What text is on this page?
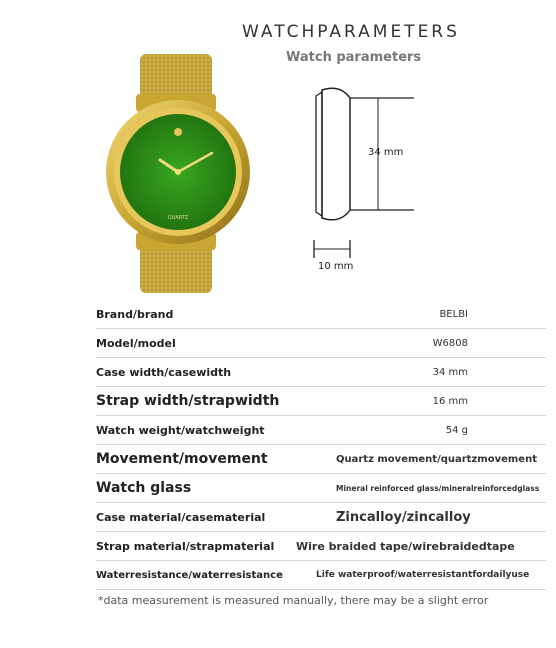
WATCHPARAMETERS
Watch parameters
QUARTZ
34 mm
10 mm
Brand/brand	BELBI
Model/model	W6808
Case width/casewidth	34 mm
Strap width/strapwidth	16 mm
Watch weight/watchweight	54 g
Movement/movement	Quartz movement/quartzmovement
Watch glass	Mineral reinforced glass/mineralreinforcedglass
Case material/casematerial	Zincalloy/zincalloy
Strap material/strapmaterial	Wire braided tape/wirebraidedtape
Waterresistance/waterresistance	Life waterproof/waterresistantfordailyuse
*data measurement is measured manually, there may be a slight error
